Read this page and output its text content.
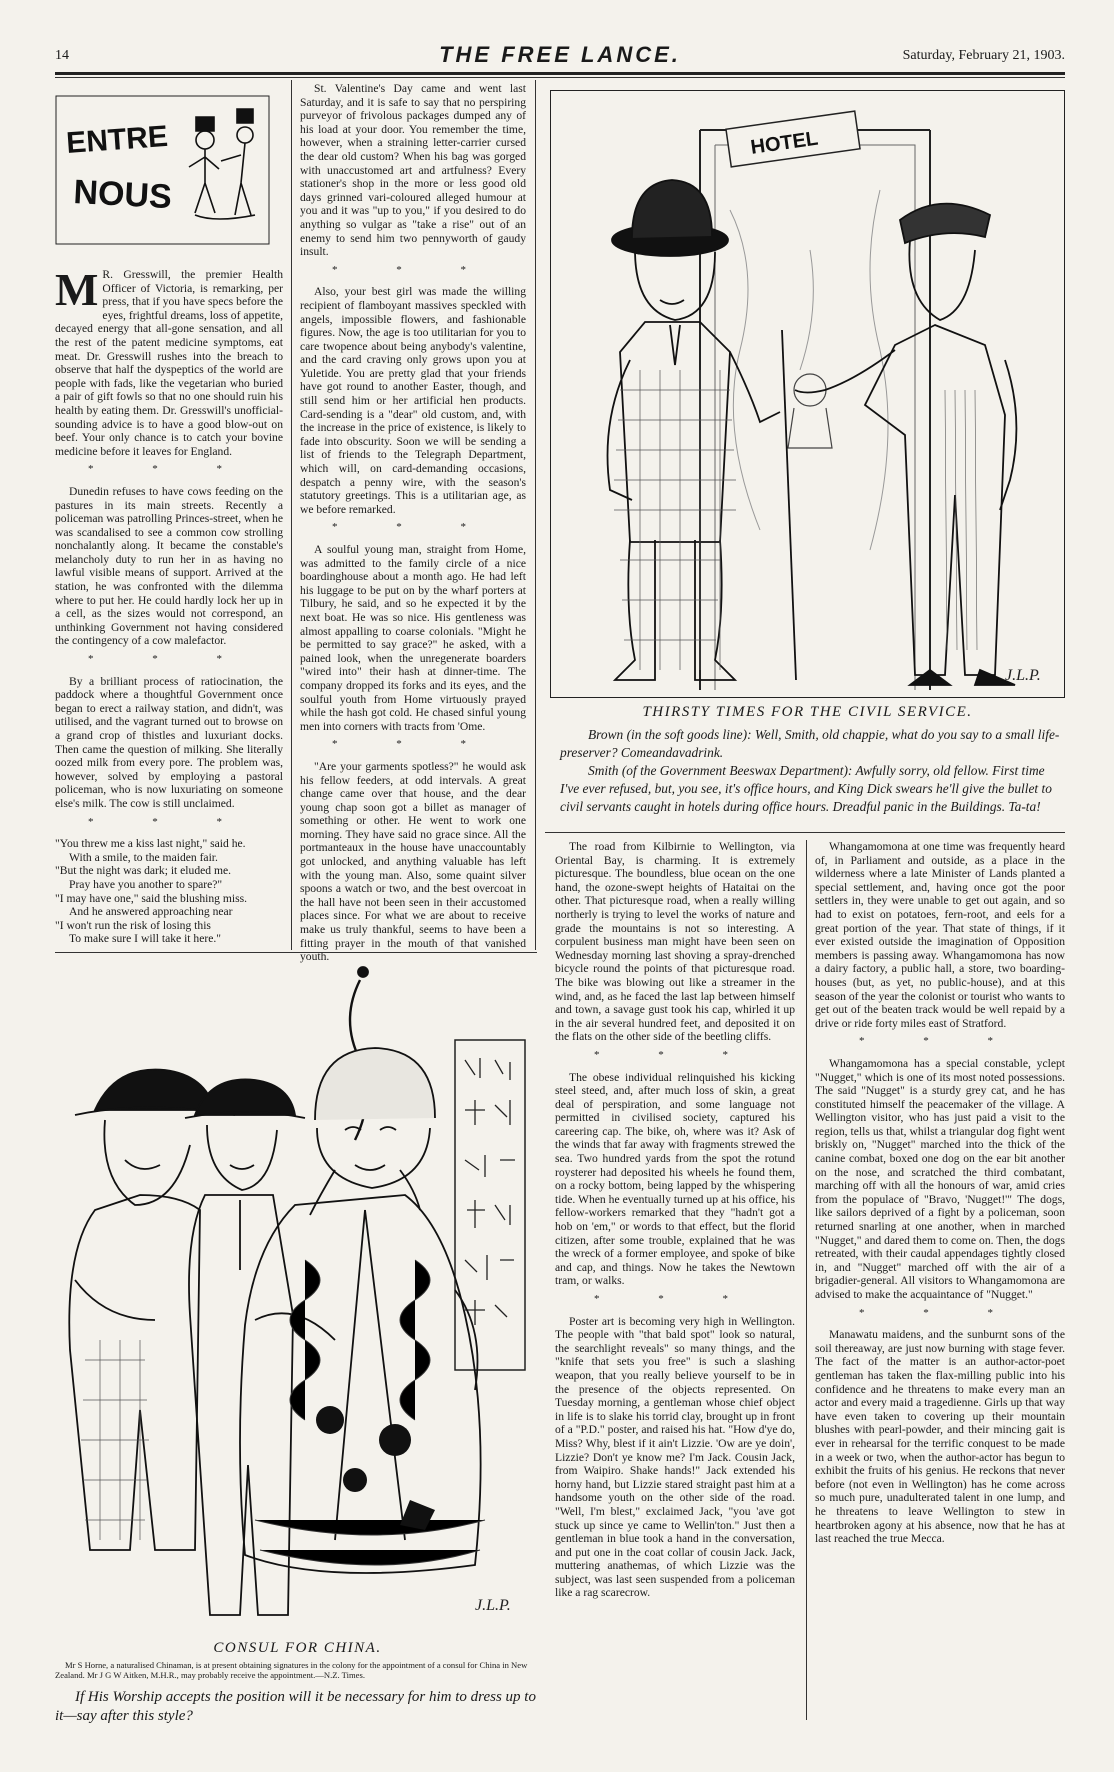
14	THE FREE LANCE.	Saturday, February 21, 1903.
ENTRE
NOUS

M R. Gresswill, the premier Health Officer of Victoria, is remarking, per press, that if you have specs before the eyes, frightful dreams, loss of appetite, decayed energy that all-gone sensation, and all the rest of the patent medicine symptoms, eat meat. Dr. Gresswill rushes into the breach to observe that half the dyspeptics of the world are people with fads, like the vegetarian who buried a pair of gift fowls so that no one should ruin his health by eating them. Dr. Gresswill's unofficial-sounding advice is to have a good blow-out on beef. Your only chance is to catch your bovine medicine before it leaves for England.

* * *

Dunedin refuses to have cows feeding on the pastures in its main streets. Recently a policeman was patrolling Princes-street, when he was scandalised to see a common cow strolling nonchalantly along. It became the constable's melancholy duty to run her in as having no lawful visible means of support. Arrived at the station, he was confronted with the dilemma where to put her. He could hardly lock her up in a cell, as the sizes would not correspond, an unthinking Government not having considered the contingency of a cow malefactor.

* * *

By a brilliant process of ratiocination, the paddock where a thoughtful Government once began to erect a railway station, and didn't, was utilised, and the vagrant turned out to browse on a grand crop of thistles and luxuriant docks. Then came the question of milking. She literally oozed milk from every pore. The problem was, however, solved by employing a pastoral policeman, who is now luxuriating on someone else's milk. The cow is still unclaimed.

* * *
"You threw me a kiss last night," said he.
With a smile, to the maiden fair.
"But the night was dark; it eluded me.
Pray have you another to spare?"
"I may have one," said the blushing miss.
And he answered approaching near
"I won't run the risk of losing this
To make sure I will take it here."

St. Valentine's Day came and went last Saturday, and it is safe to say that no perspiring purveyor of frivolous packages dumped any of his load at your door. You remember the time, however, when a straining letter-carrier cursed the dear old custom? When his bag was gorged with unaccustomed art and artfulness? Every stationer's shop in the more or less good old days grinned vari-coloured alleged humour at you and it was "up to you," if you desired to do anything so vulgar as "take a rise" out of an enemy to send him two pennyworth of gaudy insult.

* * *

Also, your best girl was made the willing recipient of flamboyant massives speckled with angels, impossible flowers, and fashionable figures. Now, the age is too utilitarian for you to care twopence about being anybody's valentine, and the card craving only grows upon you at Yuletide. You are pretty glad that your friends have got round to another Easter, though, and still send him or her artificial hen products. Card-sending is a "dear" old custom, and, with the increase in the price of existence, is likely to fade into obscurity. Soon we will be sending a list of friends to the Telegraph Department, which will, on card-demanding occasions, despatch a penny wire, with the season's statutory greetings. This is a utilitarian age, as we before remarked.

* * *

A soulful young man, straight from Home, was admitted to the family circle of a nice boardinghouse about a month ago. He had left his luggage to be put on by the wharf porters at Tilbury, he said, and so he expected it by the next boat. He was so nice. His gentleness was almost appalling to coarse colonials. "Might he be permitted to say grace?" he asked, with a pained look, when the unregenerate boarders "wired into" their hash at dinner-time. The company dropped its forks and its eyes, and the soulful youth from Home virtuously prayed while the hash got cold. He chased sinful young men into corners with tracts from 'Ome.

* * *

"Are your garments spotless?" he would ask his fellow feeders, at odd intervals. A great change came over that house, and the dear young chap soon got a billet as manager of something or other. He went to work one morning. They have said no grace since. All the portmanteaux in the house have unaccountably got unlocked, and anything valuable has left with the young man. Also, some quaint silver spoons a watch or two, and the best overcoat in the hall have not been seen in their accustomed places since. For what we are about to receive make us truly thankful, seems to have been a fitting prayer in the mouth of that vanished youth.

HOTEL
J.L.P.
THIRSTY TIMES FOR THE CIVIL SERVICE.
Brown (in the soft goods line): Well, Smith, old chappie, what do you say to a small life-preserver? Comeandavadrink.
Smith (of the Government Beeswax Department): Awfully sorry, old fellow. First time I've ever refused, but, you see, it's office hours, and King Dick swears he'll give the bullet to civil servants caught in hotels during office hours. Dreadful panic in the Buildings. Ta-ta!

The road from Kilbirnie to Wellington, via Oriental Bay, is charming. It is extremely picturesque. The boundless, blue ocean on the one hand, the ozone-swept heights of Hataitai on the other. That picturesque road, when a really willing northerly is trying to level the works of nature and grade the mountains is not so interesting. A corpulent business man might have been seen on Wednesday morning last shoving a spray-drenched bicycle round the points of that picturesque road. The bike was blowing out like a streamer in the wind, and, as he faced the last lap between himself and town, a savage gust took his cap, whirled it up in the air several hundred feet, and deposited it on the flats on the other side of the beetling cliffs.

* * *

The obese individual relinquished his kicking steel steed, and, after much loss of skin, a great deal of perspiration, and some language not permitted in civilised society, captured his careering cap. The bike, oh, where was it? Ask of the winds that far away with fragments strewed the sea. Two hundred yards from the spot the rotund roysterer had deposited his wheels he found them, on a rocky bottom, being lapped by the whispering tide. When he eventually turned up at his office, his fellow-workers remarked that they "hadn't got a hob on 'em," or words to that effect, but the florid citizen, after some trouble, explained that he was the wreck of a former employee, and spoke of bike and cap, and things. Now he takes the Newtown tram, or walks.

* * *

Poster art is becoming very high in Wellington. The people with "that bald spot" look so natural, the searchlight reveals" so many things, and the "knife that sets you free" is such a slashing weapon, that you really believe yourself to be in the presence of the objects represented. On Tuesday morning, a gentleman whose chief object in life is to slake his torrid clay, brought up in front of a "P.D." poster, and raised his hat. "How d'ye do, Miss? Why, blest if it ain't Lizzie. 'Ow are ye doin', Lizzie? Don't ye know me? I'm Jack. Cousin Jack, from Waipiro. Shake hands!" Jack extended his horny hand, but Lizzie stared straight past him at a handsome youth on the other side of the road. "Well, I'm blest," exclaimed Jack, "you 'ave got stuck up since ye came to Wellin'ton." Just then a gentleman in blue took a hand in the conversation, and put one in the coat collar of cousin Jack. Jack, muttering anathemas, of which Lizzie was the subject, was last seen suspended from a policeman like a rag scarecrow.

Whangamomona at one time was frequently heard of, in Parliament and outside, as a place in the wilderness where a late Minister of Lands planted a special settlement, and, having once got the poor settlers in, they were unable to get out again, and so had to exist on potatoes, fern-root, and eels for a great portion of the year. That state of things, if it ever existed outside the imagination of Opposition members is passing away. Whangamomona has now a dairy factory, a public hall, a store, two boarding-houses (but, as yet, no public-house), and at this season of the year the colonist or tourist who wants to get out of the beaten track would be well repaid by a drive or ride forty miles east of Stratford.

* * *

Whangamomona has a special constable, yclept "Nugget," which is one of its most noted possessions. The said "Nugget" is a sturdy grey cat, and he has constituted himself the peacemaker of the village. A Wellington visitor, who has just paid a visit to the region, tells us that, whilst a triangular dog fight went briskly on, "Nugget" marched into the thick of the canine combat, boxed one dog on the ear bit another on the nose, and scratched the third combatant, marching off with all the honours of war, amid cries from the populace of "Bravo, 'Nugget!'" The dogs, like sailors deprived of a fight by a policeman, soon returned snarling at one another, when in marched "Nugget," and dared them to come on. Then, the dogs retreated, with their caudal appendages tightly closed in, and "Nugget" marched off with the air of a brigadier-general. All visitors to Whangamomona are advised to make the acquaintance of "Nugget."

* * *

Manawatu maidens, and the sunburnt sons of the soil thereaway, are just now burning with stage fever. The fact of the matter is an author-actor-poet gentleman has taken the flax-milling public into his confidence and he threatens to make every man an actor and every maid a tragedienne. Girls up that way have even taken to covering up their mountain blushes with pearl-powder, and their mincing gait is ever in rehearsal for the terrific conquest to be made in a week or two, when the author-actor has begun to exhibit the fruits of his genius. He reckons that never before (not even in Wellington) has he come across so much pure, unadulterated talent in one lump, and he threatens to leave Wellington to stew in heartbroken agony at his absence, now that he has at last reached the true Mecca.

J.L.P.
CONSUL FOR CHINA.
Mr S Horne, a naturalised Chinaman, is at present obtaining signatures in the colony for the appointment of a consul for China in New Zealand. Mr J G W Aitken, M.H.R., may probably receive the appointment.—N.Z. Times.
If His Worship accepts the position will it be necessary for him to dress up to
it—say after this style?
